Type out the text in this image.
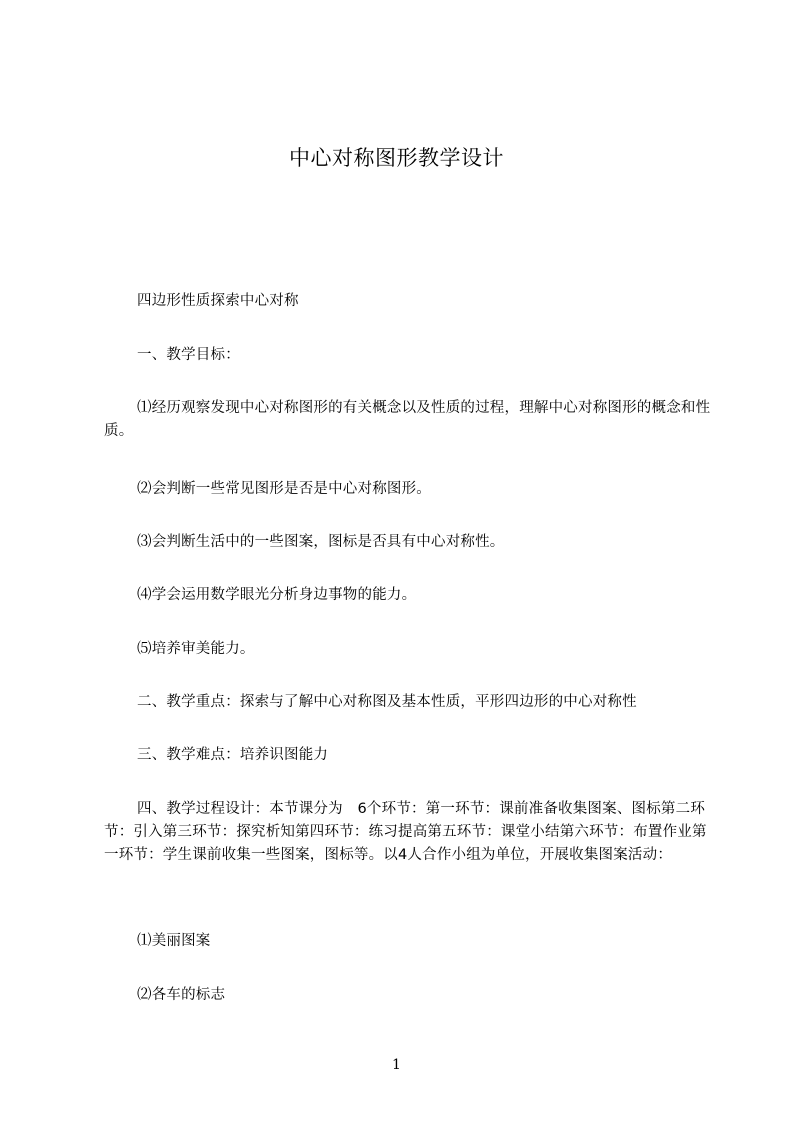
中心对称图形教学设计
四边形性质探索中心对称
一、教学目标：
⑴经历观察发现中心对称图形的有关概念以及性质的过程，理解中心对称图形的概念和性质。
⑵会判断一些常见图形是否是中心对称图形。
⑶会判断生活中的一些图案，图标是否具有中心对称性。
⑷学会运用数学眼光分析身边事物的能力。
⑸培养审美能力。
二、教学重点：探索与了解中心对称图及基本性质，平形四边形的中心对称性
三、教学难点：培养识图能力
四、教学过程设计：本节课分为　6个环节：第一环节：课前准备收集图案、图标第二环节：引入第三环节：探究析知第四环节：练习提高第五环节：课堂小结第六环节：布置作业第一环节：学生课前收集一些图案，图标等。以4人合作小组为单位，开展收集图案活动：
⑴美丽图案
⑵各车的标志
1
